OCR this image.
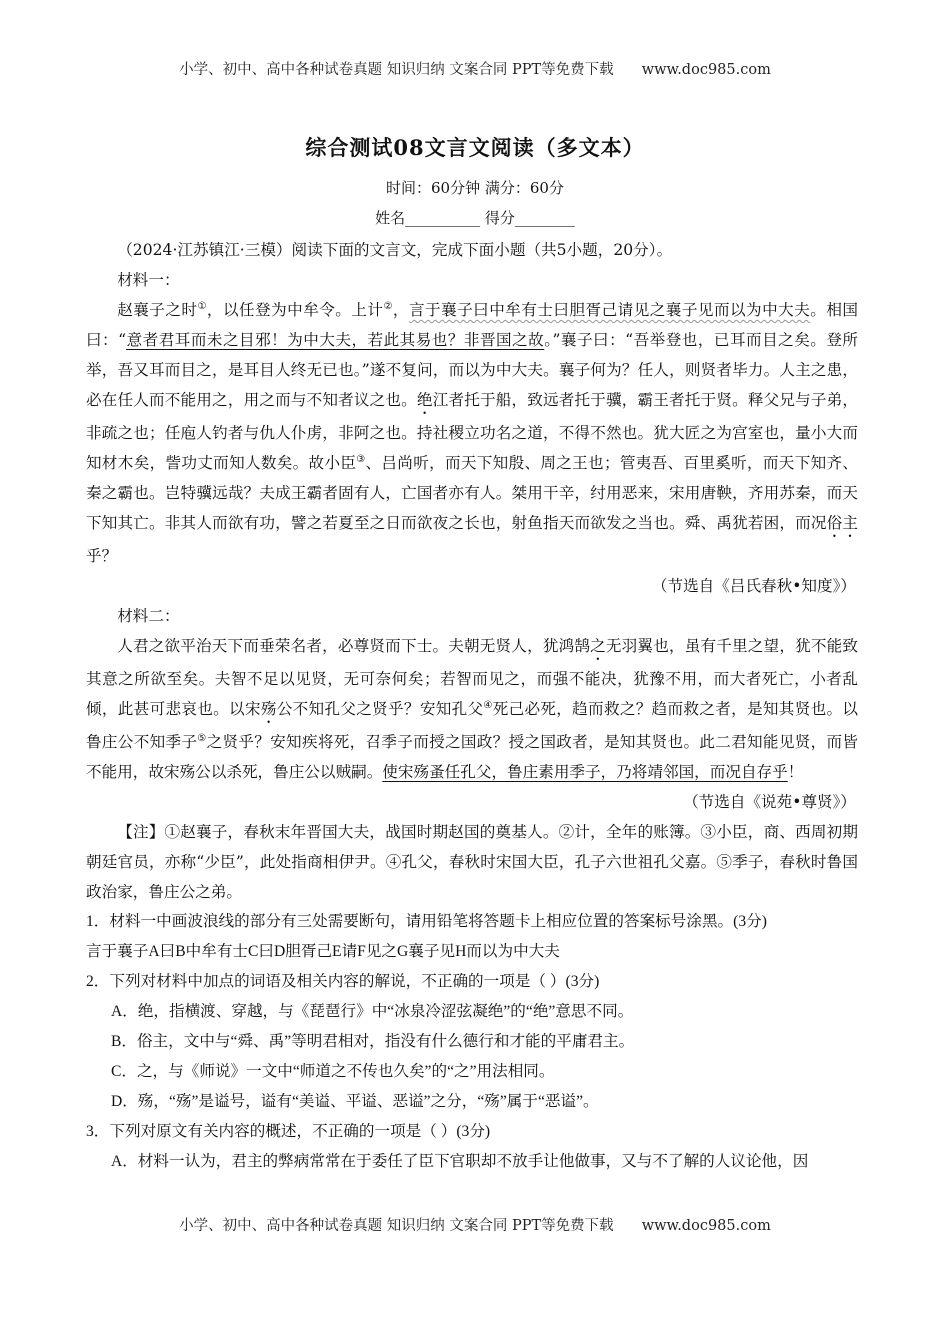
小学、初中、高中各种试卷真题 知识归纳 文案合同 PPT等免费下载 www.doc985.com
综合测试08文言文阅读（多文本）
时间：60分钟 满分：60分
姓名__________ 得分________

（2024·江苏镇江·三模）阅读下面的文言文，完成下面小题（共5小题，20分）。

材料一：

赵襄子之时①，以任登为中牟令。上计②，言于襄子曰中牟有士曰胆胥己请见之襄子见而以为中大夫。相国曰：“意者君耳而未之目邪！为中大夫，若此其易也？非晋国之故。”襄子曰：“吾举登也，已耳而目之矣。登所举，吾又耳而目之，是耳目人终无已也。”遂不复问，而以为中大夫。襄子何为？任人，则贤者毕力。人主之患，必在任人而不能用之，用之而与不知者议之也。绝江者托于船，致远者托于骥，霸王者托于贤。释父兄与子弟，非疏之也；任庖人钓者与仇人仆虏，非阿之也。持社稷立功名之道，不得不然也。犹大匠之为宫室也，量小大而知材木矣，訾功丈而知人数矣。故小臣③、吕尚听，而天下知殷、周之王也；管夷吾、百里奚听，而天下知齐、秦之霸也。岂特骥远哉？夫成王霸者固有人，亡国者亦有人。桀用干辛，纣用恶来，宋用唐鞅，齐用苏秦，而天下知其亡。非其人而欲有功，譬之若夏至之日而欲夜之长也，射鱼指天而欲发之当也。舜、禹犹若困，而况俗主乎？

（节选自《吕氏春秋•知度》）

材料二：

人君之欲平治天下而垂荣名者，必尊贤而下士。夫朝无贤人，犹鸿鹄之无羽翼也，虽有千里之望，犹不能致其意之所欲至矣。夫智不足以见贤，无可奈何矣；若智而见之，而强不能决，犹豫不用，而大者死亡，小者乱倾，此甚可悲哀也。以宋殇公不知孔父之贤乎？安知孔父④死己必死，趋而救之？趋而救之者，是知其贤也。以鲁庄公不知季子⑤之贤乎？安知疾将死，召季子而授之国政？授之国政者，是知其贤也。此二君知能见贤，而皆不能用，故宋殇公以杀死，鲁庄公以贼嗣。使宋殇蚤任孔父，鲁庄素用季子，乃将靖邻国，而况自存乎！

（节选自《说苑•尊贤》）

【注】①赵襄子，春秋末年晋国大夫，战国时期赵国的奠基人。②计，全年的账簿。③小臣，商、西周初期朝廷官员，亦称“少臣”，此处指商相伊尹。④孔父，春秋时宋国大臣，孔子六世祖孔父嘉。⑤季子，春秋时鲁国政治家，鲁庄公之弟。

1．材料一中画波浪线的部分有三处需要断句，请用铅笔将答题卡上相应位置的答案标号涂黑。(3分)

言于襄子A曰B中牟有士C曰D胆胥己E请F见之G襄子见H而以为中大夫

2．下列对材料中加点的词语及相关内容的解说，不正确的一项是（ ）(3分)

A．绝，指横渡、穿越，与《琵琶行》中“冰泉冷涩弦凝绝”的“绝”意思不同。

B．俗主，文中与“舜、禹”等明君相对，指没有什么德行和才能的平庸君主。

C．之，与《师说》一文中“师道之不传也久矣”的“之”用法相同。

D．殇，“殇”是谥号，谥有“美谥、平谥、恶谥”之分，“殇”属于“恶谥”。

3．下列对原文有关内容的概述，不正确的一项是（ ）(3分)

A．材料一认为，君主的弊病常常在于委任了臣下官职却不放手让他做事，又与不了解的人议论他，因

小学、初中、高中各种试卷真题 知识归纳 文案合同 PPT等免费下载 www.doc985.com
